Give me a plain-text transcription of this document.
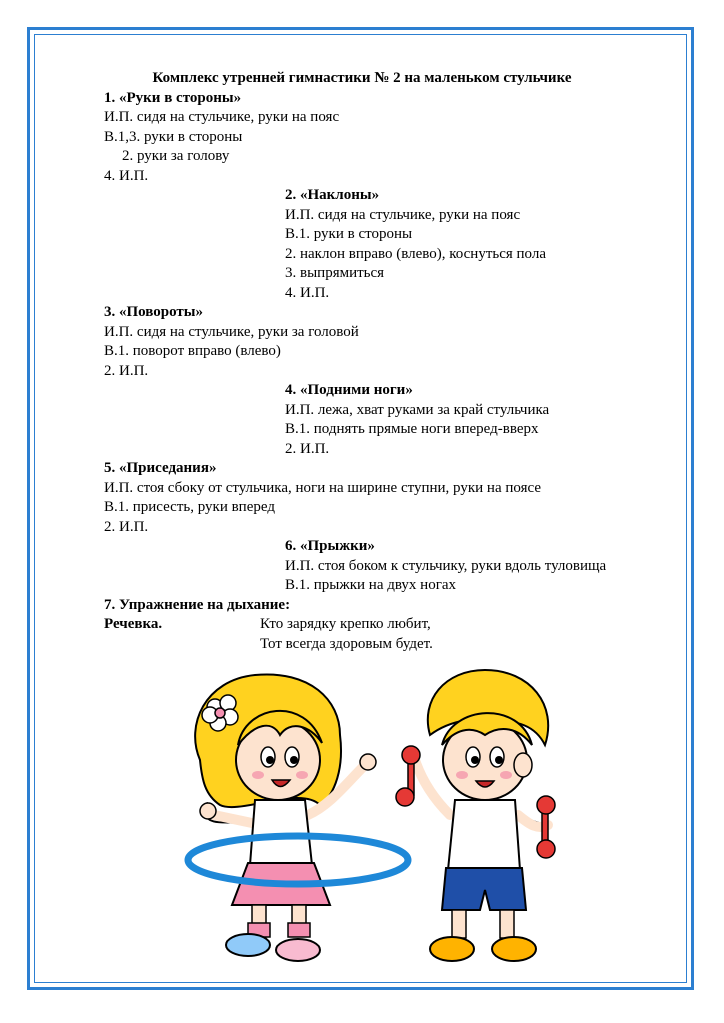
Комплекс утренней гимнастики № 2 на маленьком стульчике
1. «Руки в стороны»
И.П. сидя на стульчике, руки на пояс
В.1,3. руки в стороны
2. руки за голову
4. И.П.
2. «Наклоны»
И.П. сидя на стульчике, руки на пояс
В.1. руки в стороны
2. наклон вправо (влево), коснуться пола
3. выпрямиться
4. И.П.
3. «Повороты»
И.П. сидя на стульчике, руки за головой
В.1. поворот вправо (влево)
2. И.П.
4. «Подними ноги»
И.П. лежа, хват руками за край стульчика
В.1. поднять прямые ноги вперед-вверх
2. И.П.
5. «Приседания»
И.П. стоя сбоку от стульчика, ноги на ширине ступни, руки на поясе
В.1. присесть, руки вперед
2. И.П.
6. «Прыжки»
И.П. стоя боком к стульчику, руки вдоль туловища
В.1. прыжки на двух ногах
7. Упражнение на дыхание:
Речевка.	Кто зарядку крепко любит,
Тот всегда здоровым будет.
